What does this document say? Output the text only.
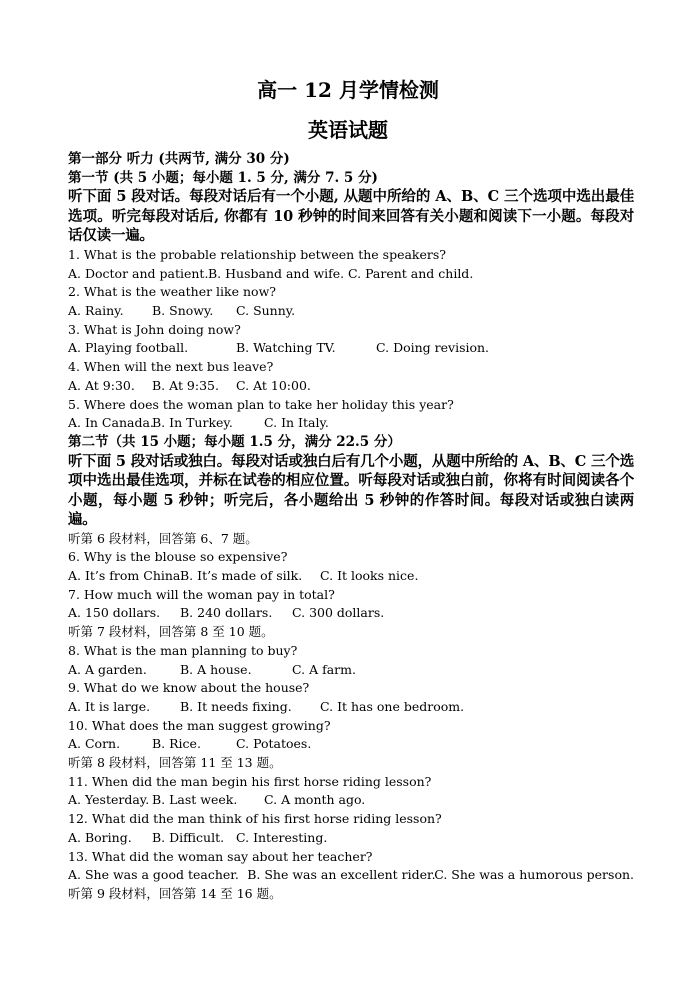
高一 12 月学情检测
英语试题
第一部分 听力 (共两节, 满分 30 分)
第一节 (共 5 小题；每小题 1. 5 分, 满分 7. 5 分)
听下面 5 段对话。每段对话后有一个小题, 从题中所给的 A、B、C 三个选项中选出最佳选项。听完每段对话后, 你都有 10 秒钟的时间来回答有关小题和阅读下一小题。每段对话仅读一遍。
1. What is the probable relationship between the speakers?
A. Doctor and patient. B. Husband and wife. C. Parent and child.
2. What is the weather like now?
A. Rainy.	B. Snowy.	C. Sunny.
3. What is John doing now?
A. Playing football.	B. Watching TV.	C. Doing revision.
4. When will the next bus leave?
A. At 9:30.	B. At 9:35.	C. At 10:00.
5. Where does the woman plan to take her holiday this year?
A. In Canada.
B. In Turkey.	C. In Italy.
第二节（共 15 小题；每小题 1.5 分，满分 22.5 分）
听下面 5 段对话或独白。每段对话或独白后有几个小题，从题中所给的 A、B、C 三个选项中选出最佳选项，并标在试卷的相应位置。听每段对话或独白前，你将有时间阅读各个小题，每小题 5 秒钟；听完后，各小题给出 5 秒钟的作答时间。每段对话或独白读两遍。
听第 6 段材料，回答第 6、7 题。
6. Why is the blouse so expensive?
A. It’s from China.
B. It’s made of silk.	C. It looks nice.
7. How much will the woman pay in total?
A. 150 dollars.	B. 240 dollars.	C. 300 dollars.
听第 7 段材料，回答第 8 至 10 题。
8. What is the man planning to buy?
A. A garden.	B. A house.	C. A farm.
9. What do we know about the house?
A. It is large.	B. It needs fixing.	C. It has one bedroom.
10. What does the man suggest growing?
A. Corn.	B. Rice.	C. Potatoes.
听第 8 段材料，回答第 11 至 13 题。
11. When did the man begin his first horse riding lesson?
A. Yesterday. B. Last week.	C. A month ago.
12. What did the man think of his first horse riding lesson?
A. Boring.	B. Difficult. C. Interesting.
13. What did the woman say about her teacher?
A. She was a good teacher. B. She was an excellent rider.
C. She was a humorous person.
听第 9 段材料，回答第 14 至 16 题。
